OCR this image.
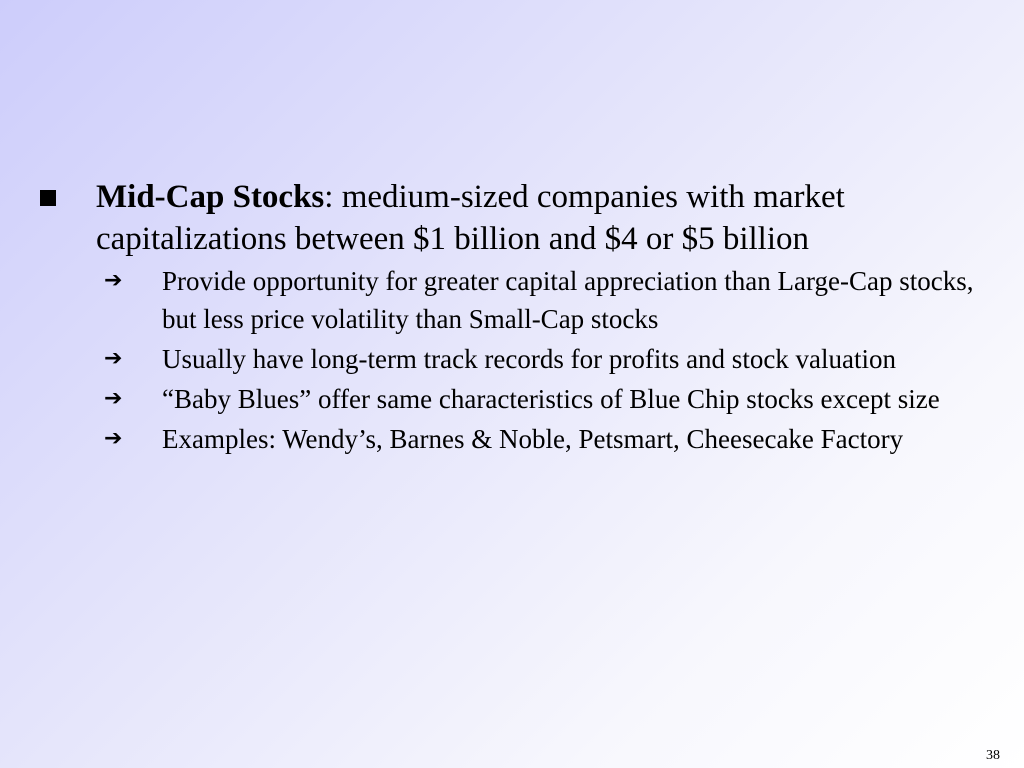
Mid-Cap Stocks: medium-sized companies with market capitalizations between $1 billion and $4 or $5 billion
➔	Provide opportunity for greater capital appreciation than Large-Cap stocks, but less price volatility than Small-Cap stocks
➔	Usually have long-term track records for profits and stock valuation
➔	“Baby Blues” offer same characteristics of Blue Chip stocks except size
➔	Examples: Wendy’s, Barnes & Noble, Petsmart, Cheesecake Factory
38
